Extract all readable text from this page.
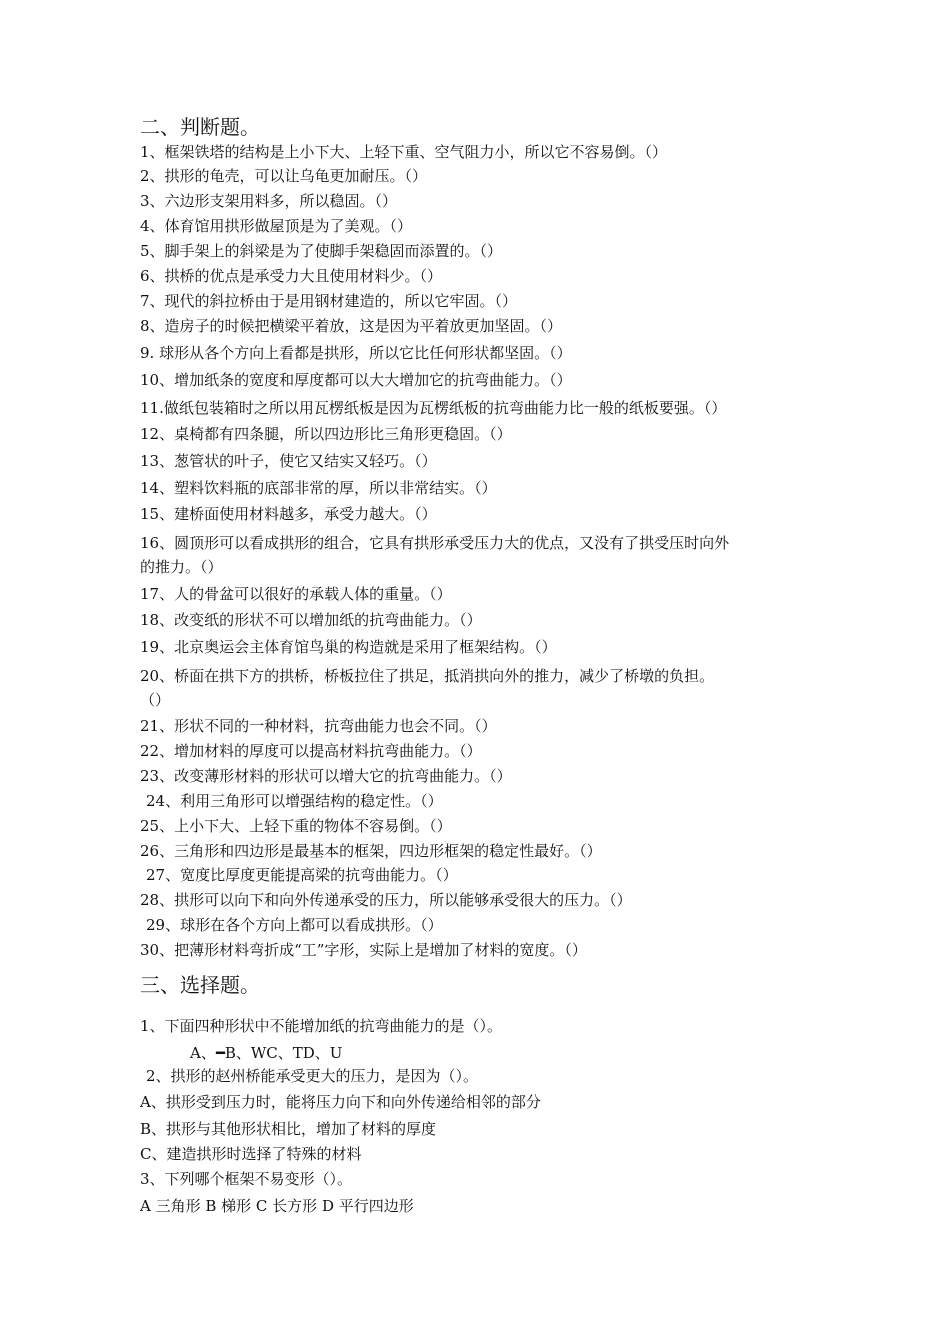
二、判断题。
1、框架铁塔的结构是上小下大、上轻下重、空气阻力小，所以它不容易倒。（）
2、拱形的龟壳，可以让乌龟更加耐压。（）
3、六边形支架用料多，所以稳固。（）
4、体育馆用拱形做屋顶是为了美观。（）
5、脚手架上的斜梁是为了使脚手架稳固而添置的。（）
6、拱桥的优点是承受力大且使用材料少。（）
7、现代的斜拉桥由于是用钢材建造的，所以它牢固。（）
8、造房子的时候把横梁平着放，这是因为平着放更加坚固。（）
9. 球形从各个方向上看都是拱形，所以它比任何形状都坚固。（）
10、增加纸条的宽度和厚度都可以大大增加它的抗弯曲能力。（）
11.做纸包装箱时之所以用瓦楞纸板是因为瓦楞纸板的抗弯曲能力比一般的纸板要强。（）
12、桌椅都有四条腿，所以四边形比三角形更稳固。（）
13、葱管状的叶子，使它又结实又轻巧。（）
14、塑料饮料瓶的底部非常的厚，所以非常结实。（）
15、建桥面使用材料越多，承受力越大。（）
16、圆顶形可以看成拱形的组合，它具有拱形承受压力大的优点，又没有了拱受压时向外
的推力。（）
17、人的骨盆可以很好的承载人体的重量。（）
18、改变纸的形状不可以增加纸的抗弯曲能力。（）
19、北京奥运会主体育馆鸟巢的构造就是采用了框架结构。（）
20、桥面在拱下方的拱桥，桥板拉住了拱足，抵消拱向外的推力，减少了桥墩的负担。
（）
21、形状不同的一种材料，抗弯曲能力也会不同。（）
22、增加材料的厚度可以提高材料抗弯曲能力。（）
23、改变薄形材料的形状可以增大它的抗弯曲能力。（）
24、利用三角形可以增强结构的稳定性。（）
25、上小下大、上轻下重的物体不容易倒。（）
26、三角形和四边形是最基本的框架，四边形框架的稳定性最好。（）
27、宽度比厚度更能提高梁的抗弯曲能力。（）
28、拱形可以向下和向外传递承受的压力，所以能够承受很大的压力。（）
29、球形在各个方向上都可以看成拱形。（）
30、把薄形材料弯折成“工”字形，实际上是增加了材料的宽度。（）
三、选择题。
1、下面四种形状中不能增加纸的抗弯曲能力的是（）。
A、━B、WC、TD、U
2、拱形的赵州桥能承受更大的压力，是因为（）。
A、拱形受到压力时，能将压力向下和向外传递给相邻的部分
B、拱形与其他形状相比，增加了材料的厚度
C、建造拱形时选择了特殊的材料
3、下列哪个框架不易变形（）。
A 三角形 B 梯形 C 长方形 D 平行四边形
